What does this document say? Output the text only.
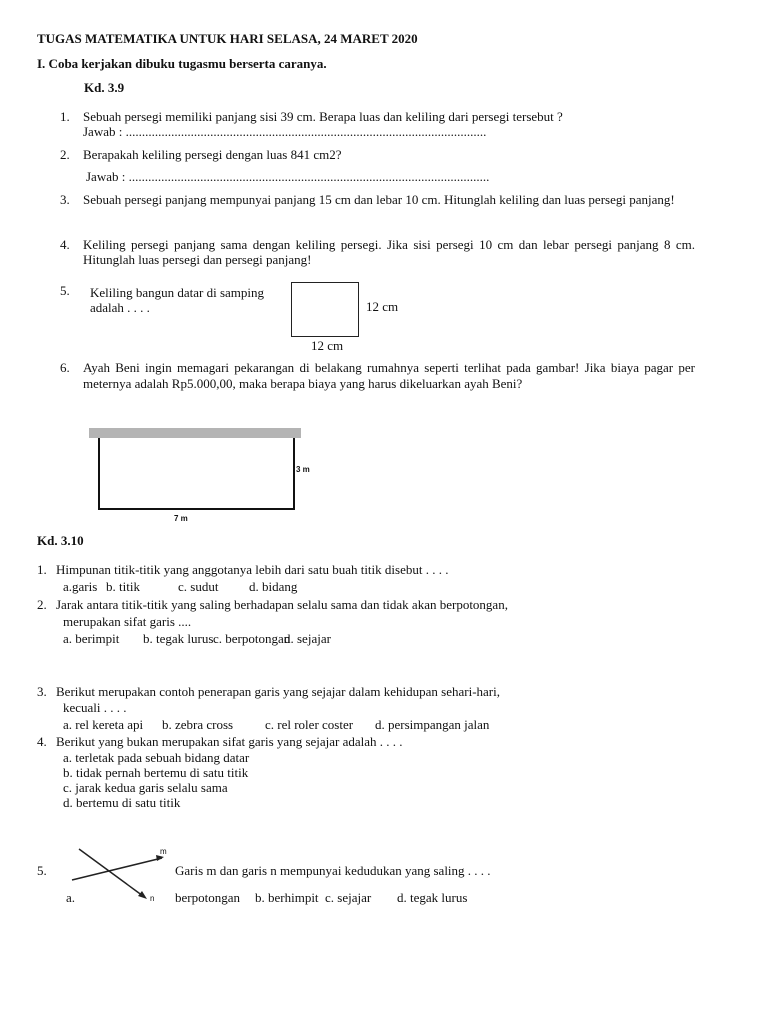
TUGAS MATEMATIKA UNTUK HARI SELASA, 24 MARET 2020
I. Coba kerjakan dibuku tugasmu berserta caranya.
Kd. 3.9
1. Sebuah persegi memiliki panjang sisi 39 cm. Berapa luas dan keliling dari persegi tersebut ?
Jawab : ...............................................................................................................
2. Berapakah keliling persegi dengan luas 841 cm2?
Jawab : ...............................................................................................................
3. Sebuah persegi panjang mempunyai panjang 15 cm dan lebar 10 cm. Hitunglah keliling dan luas persegi panjang!
4. Keliling persegi panjang sama dengan keliling persegi. Jika sisi persegi 10 cm dan lebar persegi panjang 8 cm. Hitunglah luas persegi dan persegi panjang!
5. Keliling bangun datar di samping
adalah . . . .	12 cm
12 cm
6. Ayah Beni ingin memagari pekarangan di belakang rumahnya seperti terlihat pada gambar! Jika biaya pagar per meternya adalah Rp5.000,00, maka berapa biaya yang harus dikeluarkan ayah Beni?
3 m
7 m
Kd. 3.10
1. Himpunan titik-titik yang anggotanya lebih dari satu buah titik disebut . . . .
a.garis b. titik	c. sudut d. bidang
2. Jarak antara titik-titik yang saling berhadapan selalu sama dan tidak akan berpotongan,
merupakan sifat garis ....
a. berimpit b. tegak lurus c. berpotongan
d. sejajar
3. Berikut merupakan contoh penerapan garis yang sejajar dalam kehidupan sehari-hari,
kecuali . . . .
a. rel kereta api b. zebra cross c. rel roler coster d. persimpangan jalan
4. Berikut yang bukan merupakan sifat garis yang sejajar adalah . . . .
a. terletak pada sebuah bidang datar
b. tidak pernah bertemu di satu titik
c. jarak kedua garis selalu sama
d. bertemu di satu titik
5.
m
n
Garis m dan garis n mempunyai kedudukan yang saling . . . .
a.	berpotongan b. berhimpit c. sejajar d. tegak lurus
